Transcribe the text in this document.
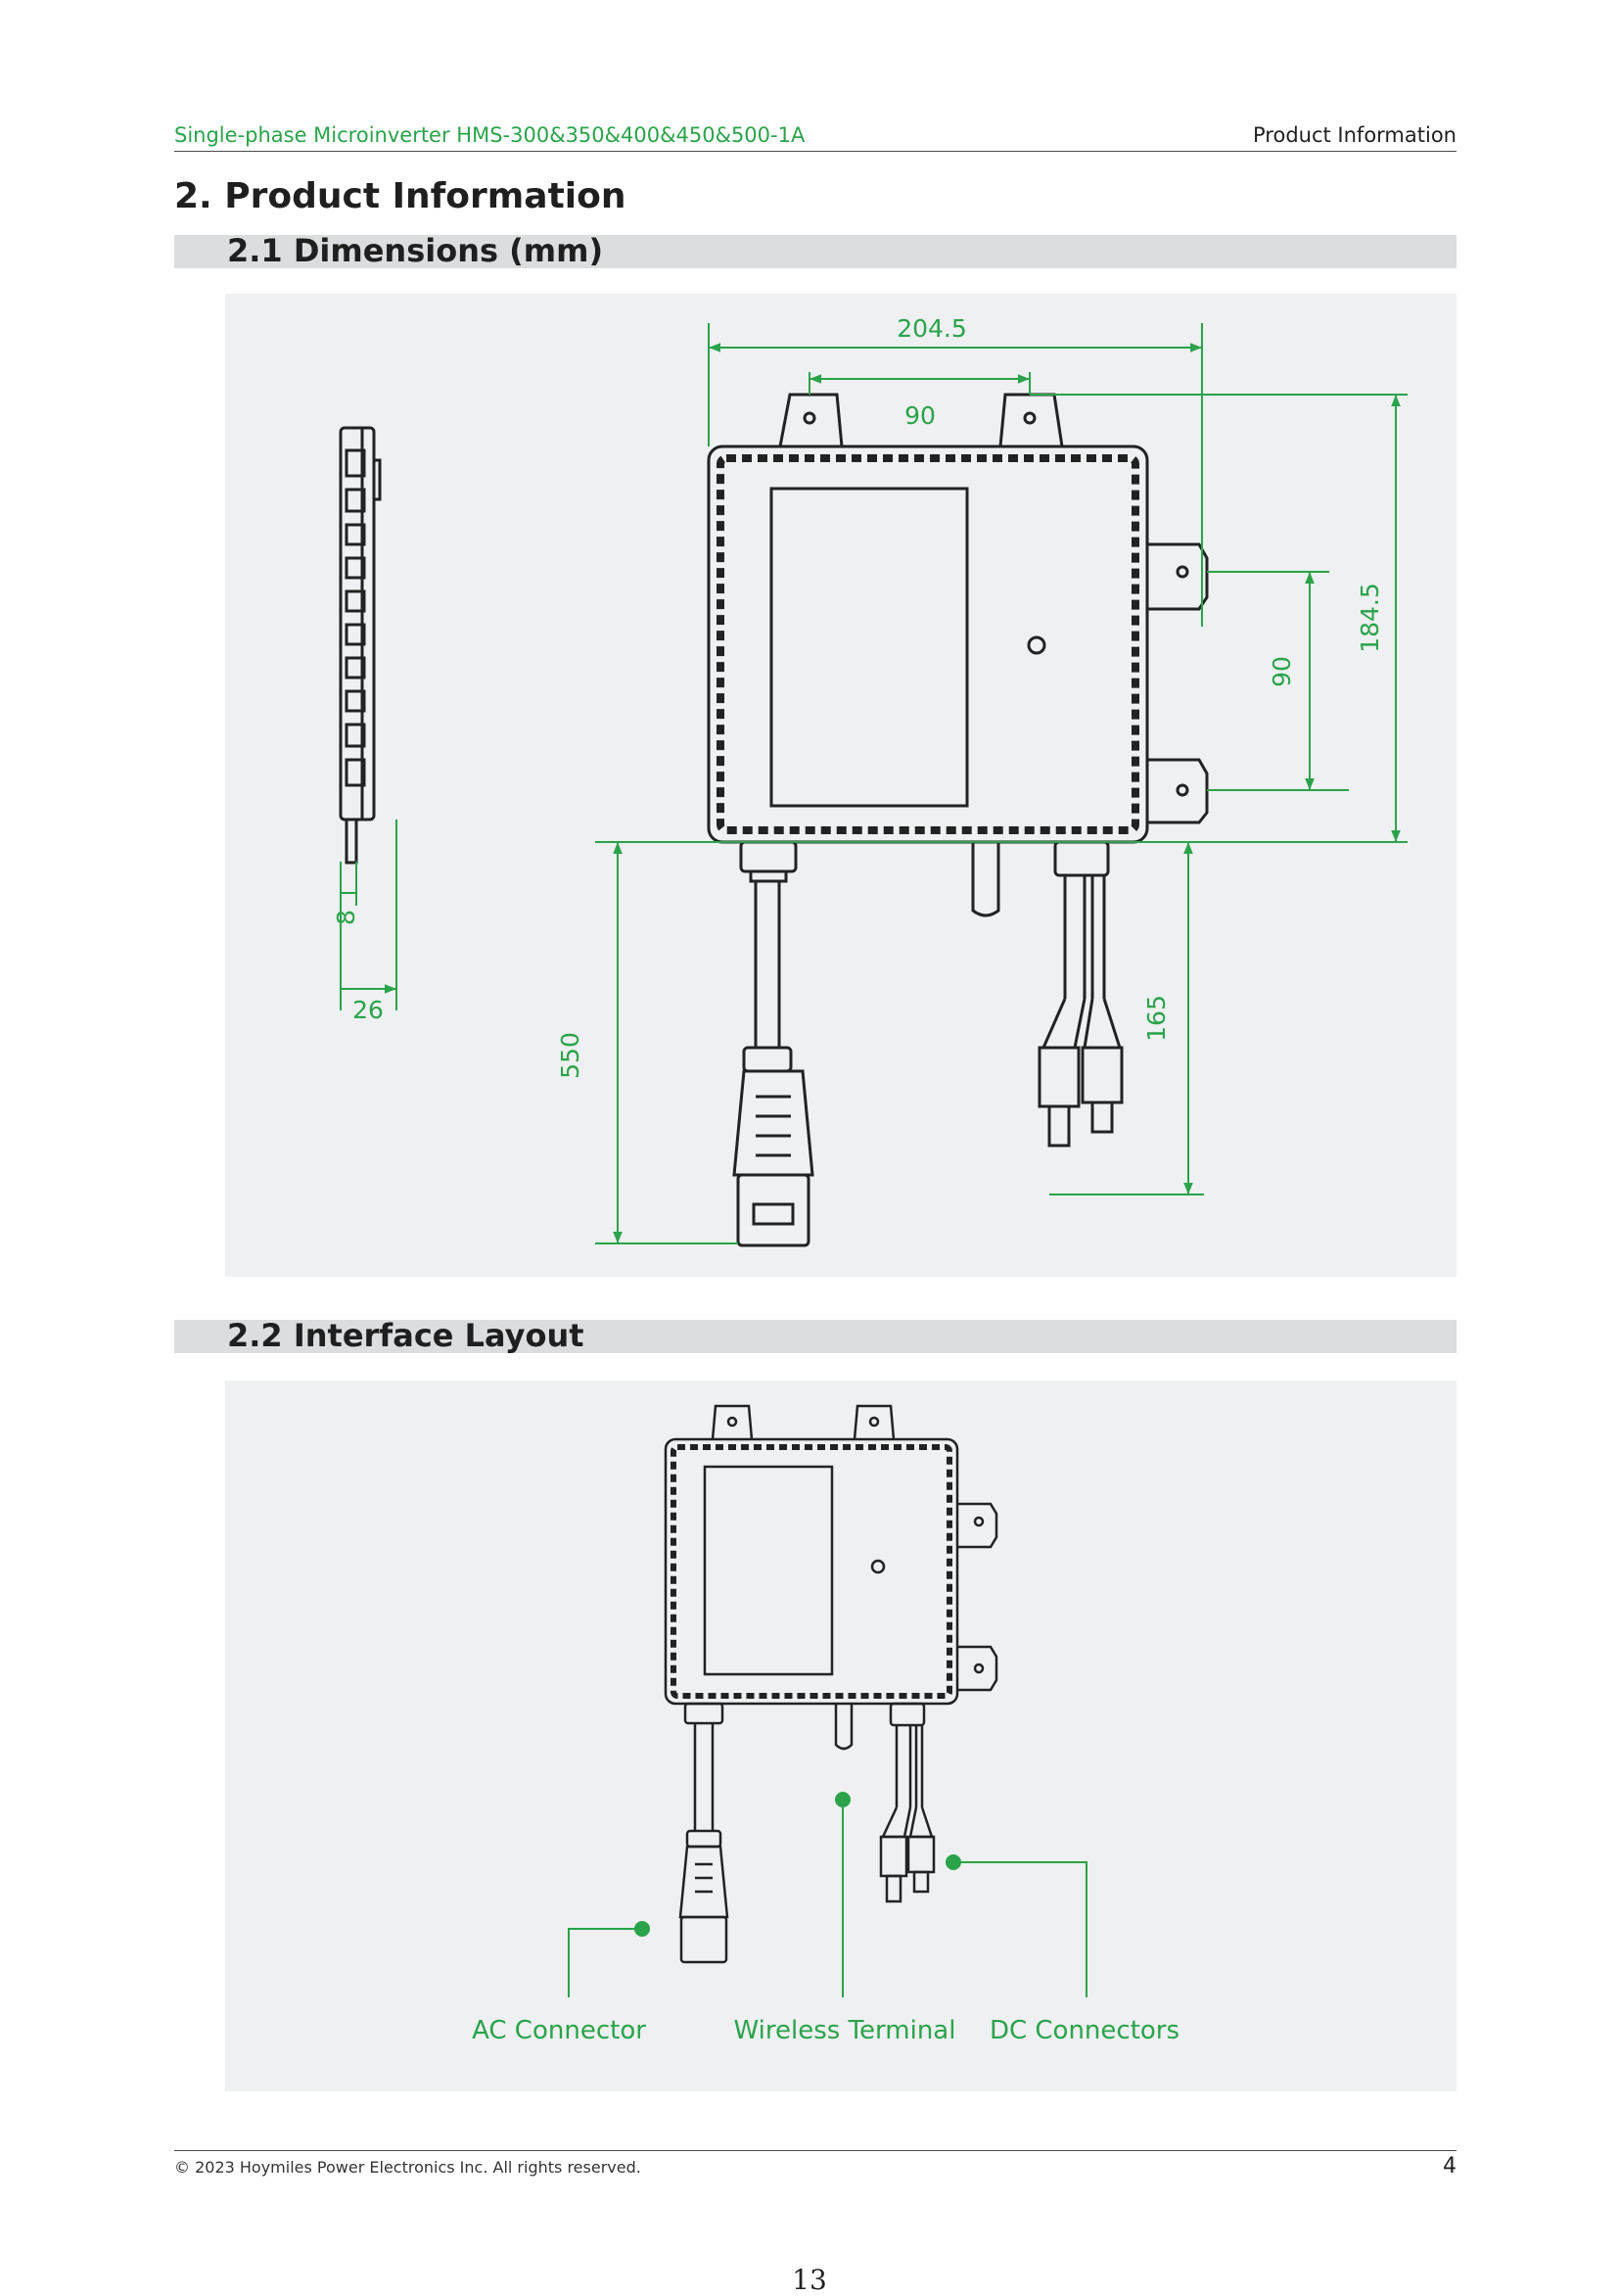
Single-phase Microinverter HMS-300&350&400&450&500-1A	Product Information
2. Product Information
2.1 Dimensions (mm)
8
26
204.5
90
184.5
90
165
550
2.2 Interface Layout
AC Connector	Wireless Terminal DC Connectors
© 2023 Hoymiles Power Electronics Inc. All rights reserved.	4
13
